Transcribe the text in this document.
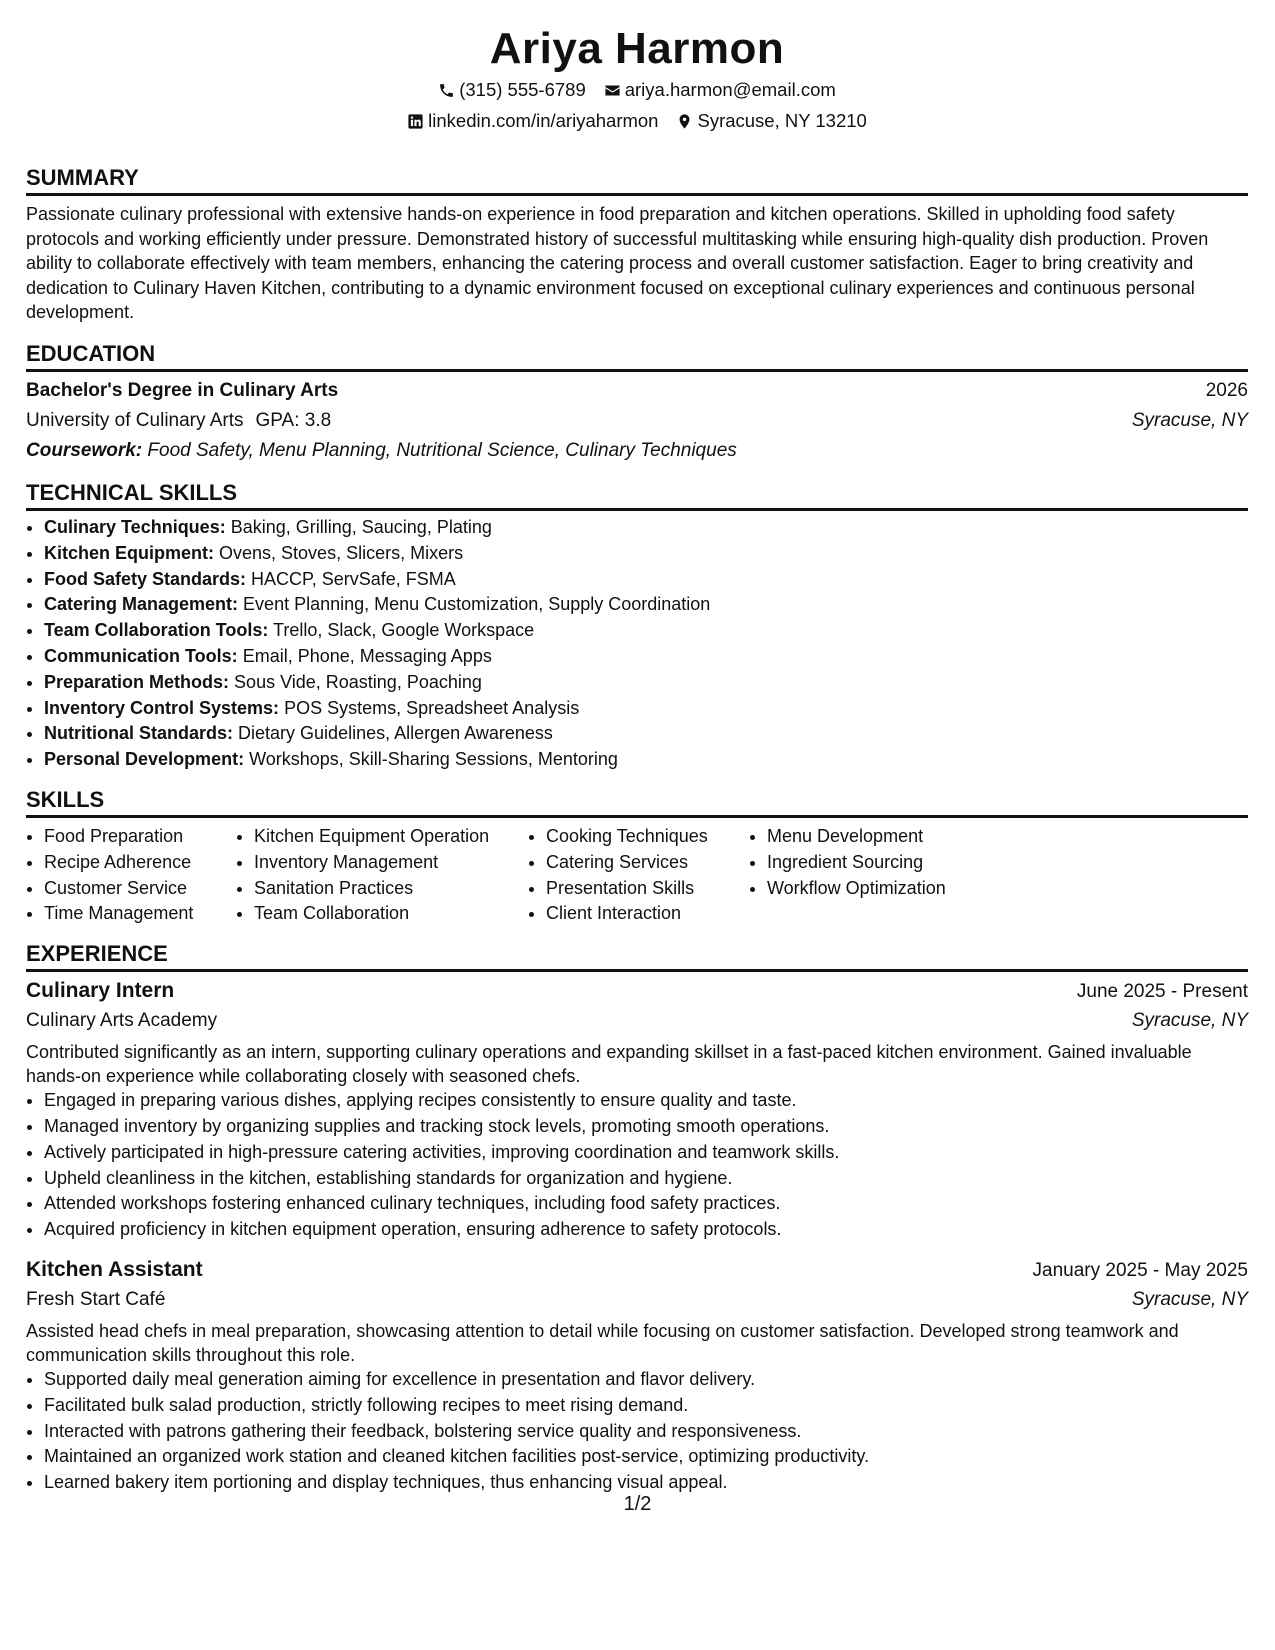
Ariya Harmon
(315) 555-6789 ariya.harmon@email.com
linkedin.com/in/ariyaharmon Syracuse, NY 13210
SUMMARY
Passionate culinary professional with extensive hands-on experience in food preparation and kitchen operations. Skilled in upholding food safety protocols and working efficiently under pressure. Demonstrated history of successful multitasking while ensuring high-quality dish production. Proven ability to collaborate effectively with team members, enhancing the catering process and overall customer satisfaction. Eager to bring creativity and dedication to Culinary Haven Kitchen, contributing to a dynamic environment focused on exceptional culinary experiences and continuous personal development.
EDUCATION
Bachelor's Degree in Culinary Arts	2026
University of Culinary Arts GPA: 3.8	Syracuse, NY
Coursework: Food Safety, Menu Planning, Nutritional Science, Culinary Techniques
TECHNICAL SKILLS
• Culinary Techniques: Baking, Grilling, Saucing, Plating
• Kitchen Equipment: Ovens, Stoves, Slicers, Mixers
• Food Safety Standards: HACCP, ServSafe, FSMA
• Catering Management: Event Planning, Menu Customization, Supply Coordination
• Team Collaboration Tools: Trello, Slack, Google Workspace
• Communication Tools: Email, Phone, Messaging Apps
• Preparation Methods: Sous Vide, Roasting, Poaching
• Inventory Control Systems: POS Systems, Spreadsheet Analysis
• Nutritional Standards: Dietary Guidelines, Allergen Awareness
• Personal Development: Workshops, Skill-Sharing Sessions, Mentoring
SKILLS
• Food Preparation
• Recipe Adherence
• Customer Service
• Time Management
• Kitchen Equipment Operation
• Inventory Management
• Sanitation Practices
• Team Collaboration
• Cooking Techniques
• Catering Services
• Presentation Skills
• Client Interaction
• Menu Development
• Ingredient Sourcing
• Workflow Optimization
EXPERIENCE
Culinary Intern	June 2025 - Present
Culinary Arts Academy	Syracuse, NY
Contributed significantly as an intern, supporting culinary operations and expanding skillset in a fast-paced kitchen environment. Gained invaluable hands-on experience while collaborating closely with seasoned chefs.
• Engaged in preparing various dishes, applying recipes consistently to ensure quality and taste.
• Managed inventory by organizing supplies and tracking stock levels, promoting smooth operations.
• Actively participated in high-pressure catering activities, improving coordination and teamwork skills.
• Upheld cleanliness in the kitchen, establishing standards for organization and hygiene.
• Attended workshops fostering enhanced culinary techniques, including food safety practices.
• Acquired proficiency in kitchen equipment operation, ensuring adherence to safety protocols.
Kitchen Assistant	January 2025 - May 2025
Fresh Start Café	Syracuse, NY
Assisted head chefs in meal preparation, showcasing attention to detail while focusing on customer satisfaction. Developed strong teamwork and communication skills throughout this role.
• Supported daily meal generation aiming for excellence in presentation and flavor delivery.
• Facilitated bulk salad production, strictly following recipes to meet rising demand.
• Interacted with patrons gathering their feedback, bolstering service quality and responsiveness.
• Maintained an organized work station and cleaned kitchen facilities post-service, optimizing productivity.
• Learned bakery item portioning and display techniques, thus enhancing visual appeal.
1/2
